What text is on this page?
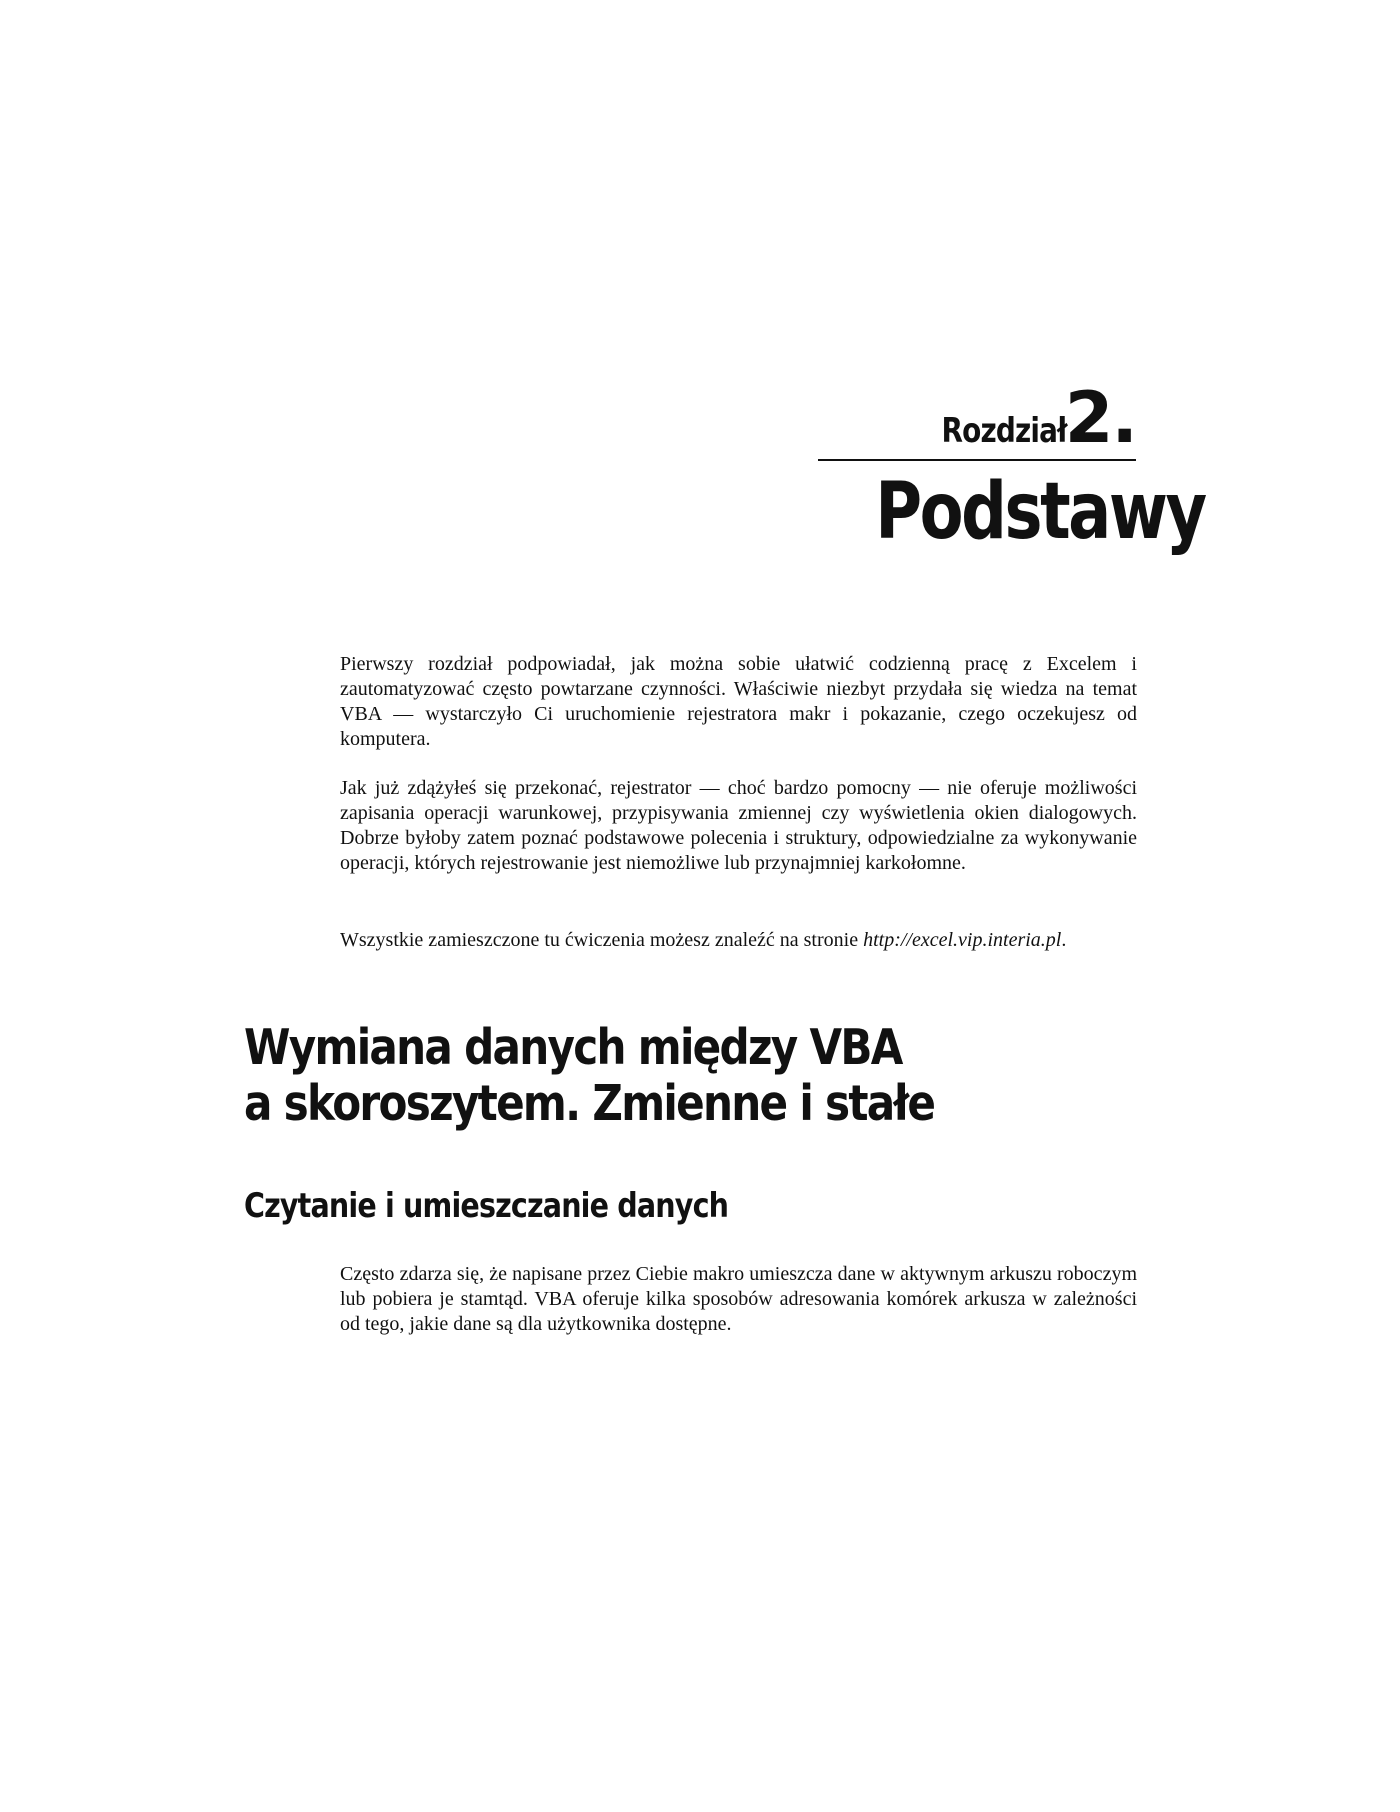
Rozdział 2.
Podstawy

Pierwszy rozdział podpowiadał, jak można sobie ułatwić codzienną pracę z Excelem i zautomatyzować często powtarzane czynności. Właściwie niezbyt przydała się wiedza na temat VBA — wystarczyło Ci uruchomienie rejestratora makr i pokazanie, czego oczekujesz od komputera.

Jak już zdążyłeś się przekonać, rejestrator — choć bardzo pomocny — nie oferuje możliwości zapisania operacji warunkowej, przypisywania zmiennej czy wyświetlenia okien dialogowych. Dobrze byłoby zatem poznać podstawowe polecenia i struktury, odpowiedzialne za wykonywanie operacji, których rejestrowanie jest niemożliwe lub przynajmniej karkołomne.

Wszystkie zamieszczone tu ćwiczenia możesz znaleźć na stronie http://excel.vip.interia.pl.

Wymiana danych między VBA
a skoroszytem. Zmienne i stałe
Czytanie i umieszczanie danych

Często zdarza się, że napisane przez Ciebie makro umieszcza dane w aktywnym arkuszu roboczym lub pobiera je stamtąd. VBA oferuje kilka sposobów adresowania komórek arkusza w zależności od tego, jakie dane są dla użytkownika dostępne.
